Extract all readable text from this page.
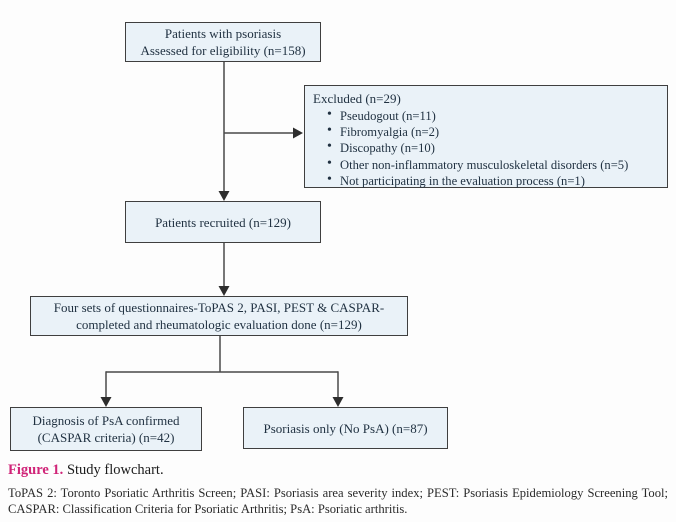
Patients with psoriasis
Assessed for eligibility (n=158)
Excluded (n=29)
• Pseudogout (n=11)
• Fibromyalgia (n=2)
• Discopathy (n=10)
• Other non-inflammatory musculoskeletal disorders (n=5)
• Not participating in the evaluation process (n=1)
Patients recruited (n=129)
Four sets of questionnaires-ToPAS 2, PASI, PEST & CASPAR-
completed and rheumatologic evaluation done (n=129)
Diagnosis of PsA confirmed
(CASPAR criteria) (n=42)
Psoriasis only (No PsA) (n=87)
Figure 1. Study flowchart.
ToPAS 2: Toronto Psoriatic Arthritis Screen; PASI: Psoriasis area severity index; PEST: Psoriasis Epidemiology Screening Tool; CASPAR: Classification Criteria for Psoriatic Arthritis; PsA: Psoriatic arthritis.
